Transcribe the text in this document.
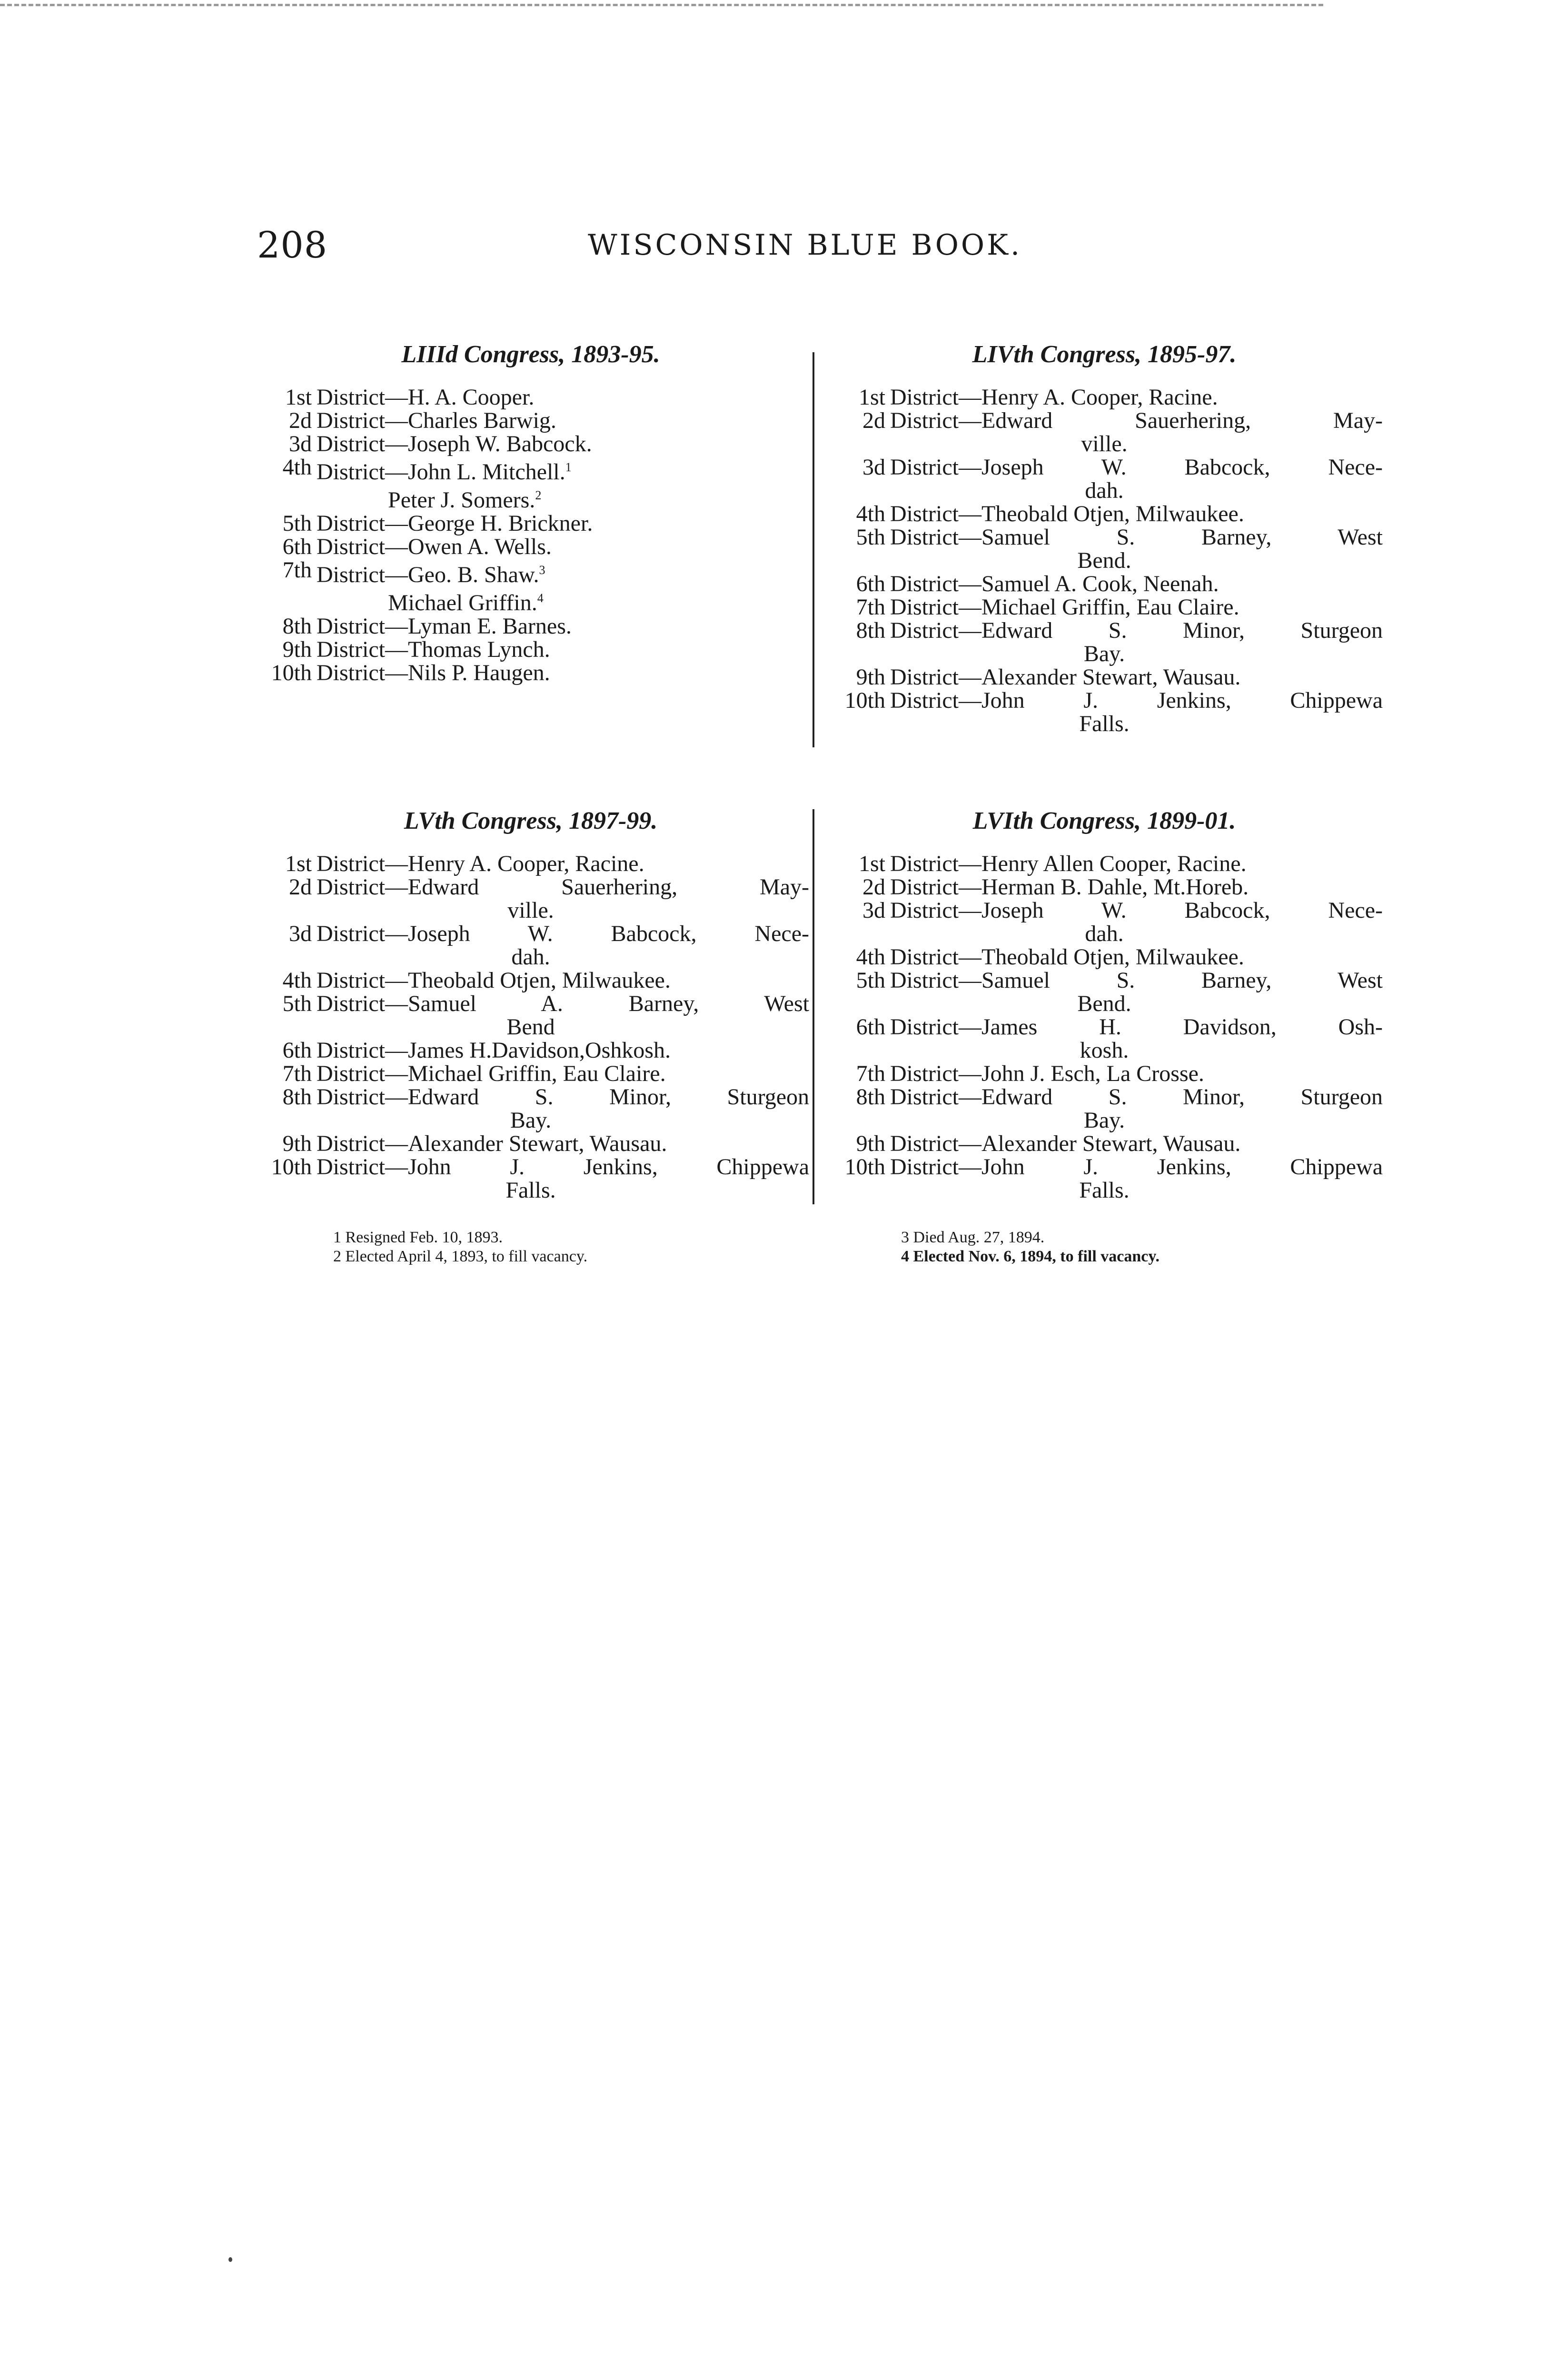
208	WISCONSIN BLUE BOOK.
LIIId Congress, 1893-95.
1st District—H. A. Cooper.
2d District—Charles Barwig.
3d District—Joseph W. Babcock.
4th District—John L. Mitchell.$^1$
Peter J. Somers.$^2$
5th District—George H. Brickner.
6th District—Owen A. Wells.
7th District—Geo. B. Shaw.$^3$
Michael Griffin.$^4$
8th District—Lyman E. Barnes.
9th District—Thomas Lynch.
10th District—Nils P. Haugen.
LIVth Congress, 1895-97.
1st District—Henry A. Cooper, Racine.
2d District—Edward Sauerhering, May-
ville.
3d District—Joseph W. Babcock, Nece-
dah.
4th District—Theobald Otjen, Milwaukee.
5th District—Samuel S. Barney, West
Bend.
6th District—Samuel A. Cook, Neenah.
7th District—Michael Griffin, Eau Claire.
8th District—Edward S. Minor, Sturgeon
Bay.
9th District—Alexander Stewart, Wausau.
10th District—John J. Jenkins, Chippewa
Falls.
LVth Congress, 1897-99.
1st District—Henry A. Cooper, Racine.
2d District—Edward Sauerhering, May-
ville.
3d District—Joseph W. Babcock, Nece-
dah.
4th District—Theobald Otjen, Milwaukee.
5th District—Samuel A. Barney, West
Bend
6th District—James H.Davidson,Oshkosh.
7th District—Michael Griffin, Eau Claire.
8th District—Edward S. Minor, Sturgeon
Bay.
9th District—Alexander Stewart, Wausau.
10th District—John J. Jenkins, Chippewa
Falls.
LVIth Congress, 1899-01.
1st District—Henry Allen Cooper, Racine.
2d District—Herman B. Dahle, Mt.Horeb.
3d District—Joseph W. Babcock, Nece-
dah.
4th District—Theobald Otjen, Milwaukee.
5th District—Samuel S. Barney, West
Bend.
6th District—James H. Davidson, Osh-
kosh.
7th District—John J. Esch, La Crosse.
8th District—Edward S. Minor, Sturgeon
Bay.
9th District—Alexander Stewart, Wausau.
10th District—John J. Jenkins, Chippewa
Falls.
1 Resigned Feb. 10, 1893.
2 Elected April 4, 1893, to fill vacancy.
3 Died Aug. 27, 1894.
4 Elected Nov. 6, 1894, to fill vacancy.
